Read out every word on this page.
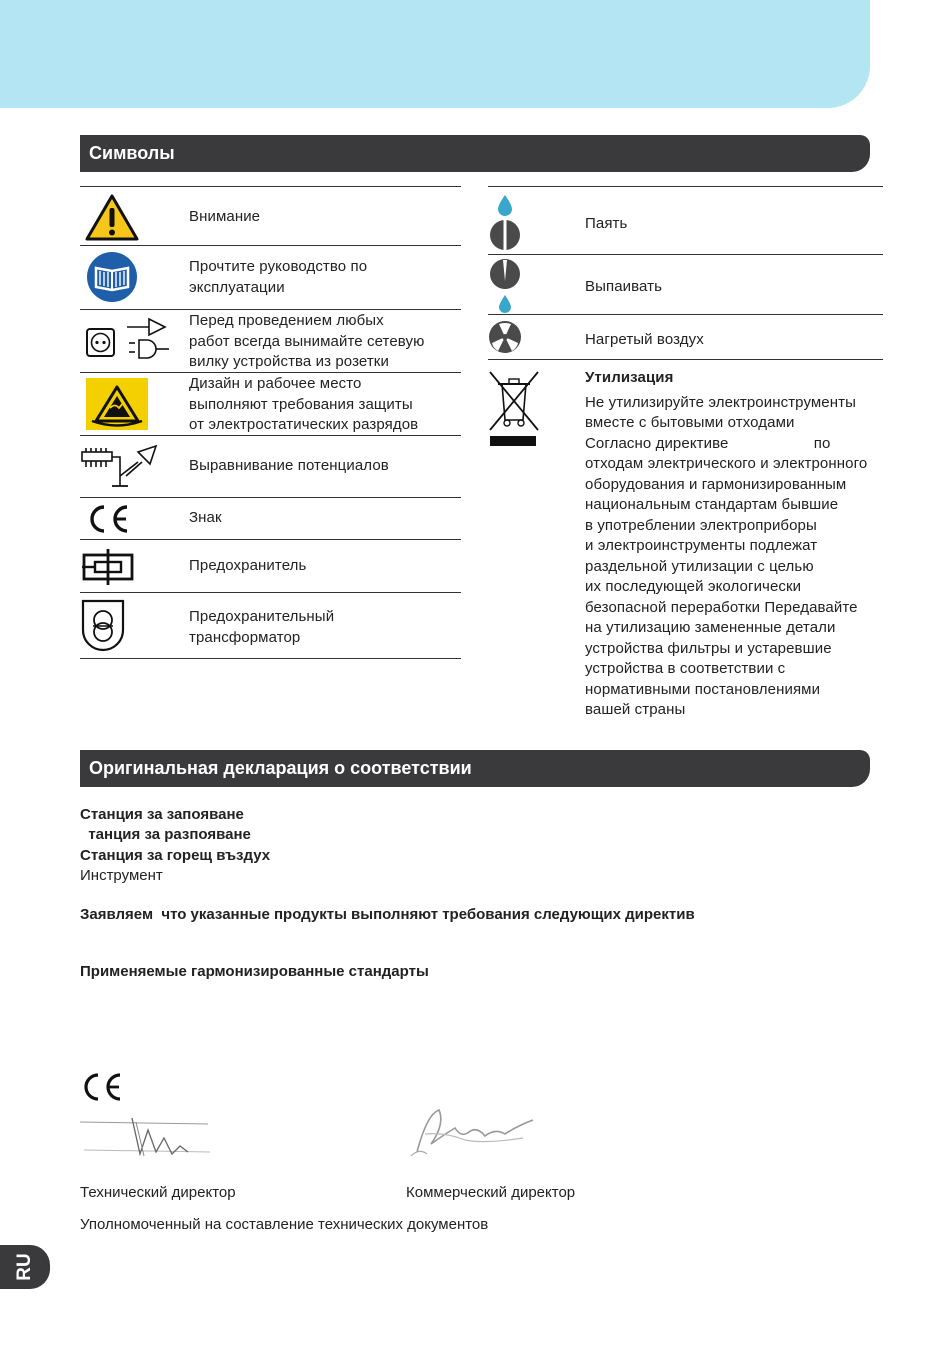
Символы
Внимание
Прочтите руководство по
эксплуатации
Перед проведением любых
работ всегда вынимайте сетевую
вилку устройства из розетки
Дизайн и рабочее место
выполняют требования защиты
от электростатических разрядов
Выравнивание потенциалов
Знак
Предохранитель
Предохранительный
трансформатор
Паять
Выпаивать
Нагретый воздух
Утилизация
Не утилизируйте электроинструменты
вместе с бытовыми отходами
Согласно директиве                    по
отходам электрического и электронного
оборудования и гармонизированным
национальным стандартам бывшие
в употреблении электроприборы
и электроинструменты подлежат
раздельной утилизации с целью
их последующей экологически
безопасной переработки Передавайте
на утилизацию замененные детали
устройства фильтры и устаревшие
устройства в соответствии с
нормативными постановлениями
вашей страны
Оригинальная декларация о соответствии
Станция за запояване
танция за разпояване
Станция за горещ въздух
Инструмент
Заявляем  что указанные продукты выполняют требования следующих директив
Применяемые гармонизированные стандарты
Технический директор	Коммерческий директор
Уполномоченный на составление технических документов
RU
